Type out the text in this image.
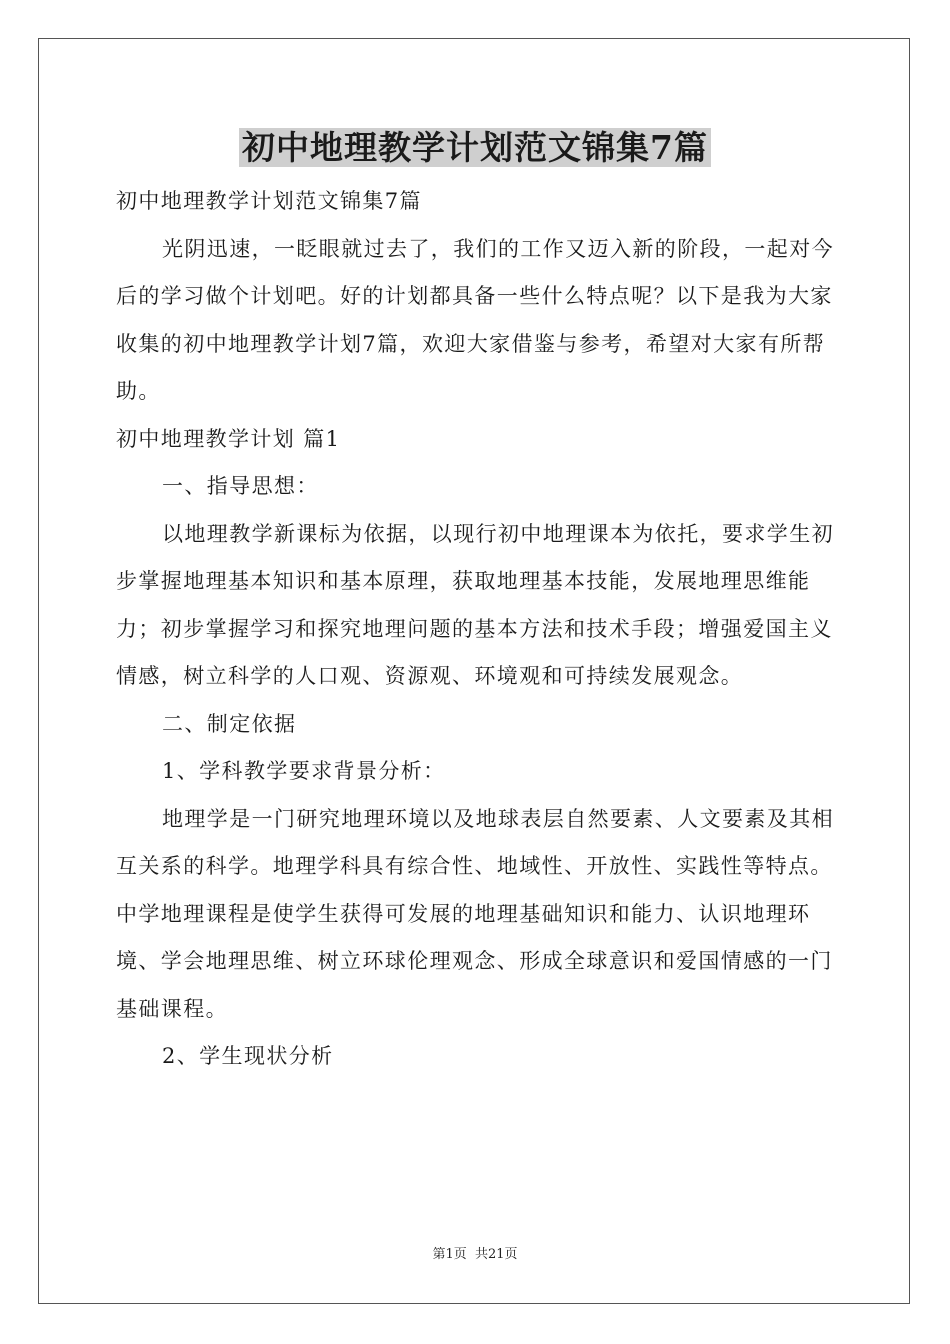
初中地理教学计划范文锦集7篇

初中地理教学计划范文锦集7篇

光阴迅速，一眨眼就过去了，我们的工作又迈入新的阶段，一起对今后的学习做个计划吧。好的计划都具备一些什么特点呢？以下是我为大家收集的初中地理教学计划7篇，欢迎大家借鉴与参考，希望对大家有所帮助。

初中地理教学计划 篇1

一、指导思想：

以地理教学新课标为依据，以现行初中地理课本为依托，要求学生初步掌握地理基本知识和基本原理，获取地理基本技能，发展地理思维能力；初步掌握学习和探究地理问题的基本方法和技术手段；增强爱国主义情感，树立科学的人口观、资源观、环境观和可持续发展观念。

二、制定依据

1、学科教学要求背景分析：

地理学是一门研究地理环境以及地球表层自然要素、人文要素及其相互关系的科学。地理学科具有综合性、地域性、开放性、实践性等特点。中学地理课程是使学生获得可发展的地理基础知识和能力、认识地理环境、学会地理思维、树立环球伦理观念、形成全球意识和爱国情感的一门基础课程。

2、学生现状分析

第1页 共21页
